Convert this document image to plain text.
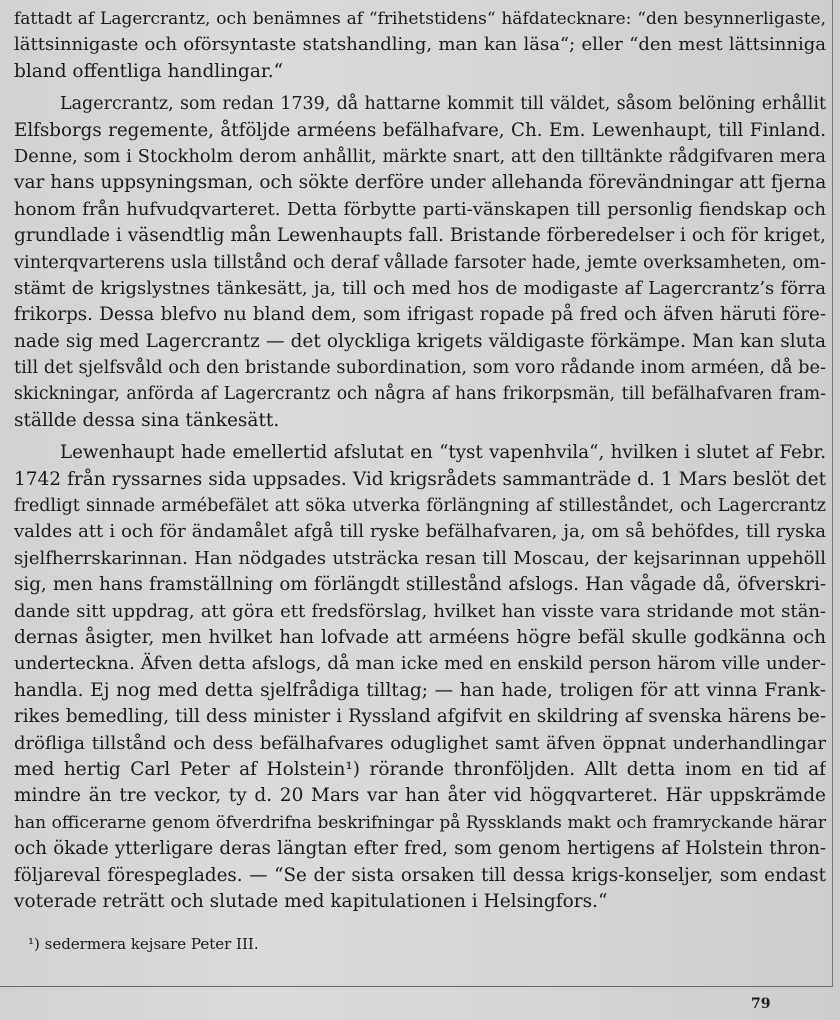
fattadt af Lagercrantz, och benämnes af “frihetstidens“ häfdatecknare: “den besynnerligaste,
lättsinnigaste och oförsyntaste statshandling, man kan läsa“; eller “den mest lättsinniga
bland offentliga handlingar.“
Lagercrantz, som redan 1739, då hattarne kommit till väldet, såsom belöning erhållit
Elfsborgs regemente, åtföljde arméens befälhafvare, Ch. Em. Lewenhaupt, till Finland.
Denne, som i Stockholm derom anhållit, märkte snart, att den tilltänkte rådgifvaren mera
var hans uppsyningsman, och sökte derföre under allehanda förevändningar att fjerna
honom från hufvudqvarteret. Detta förbytte parti-vänskapen till personlig fiendskap och
grundlade i väsendtlig mån Lewenhaupts fall. Bristande förberedelser i och för kriget,
vinterqvarterens usla tillstånd och deraf vållade farsoter hade, jemte overksamheten, om-
stämt de krigslystnes tänkesätt, ja, till och med hos de modigaste af Lagercrantz’s förra
frikorps. Dessa blefvo nu bland dem, som ifrigast ropade på fred och äfven häruti före-
nade sig med Lagercrantz — det olyckliga krigets väldigaste förkämpe. Man kan sluta
till det sjelfsvåld och den bristande subordination, som voro rådande inom arméen, då be-
skickningar, anförda af Lagercrantz och några af hans frikorpsmän, till befälhafvaren fram-
ställde dessa sina tänkesätt.
Lewenhaupt hade emellertid afslutat en “tyst vapenhvila“, hvilken i slutet af Febr.
1742 från ryssarnes sida uppsades. Vid krigsrådets sammanträde d. 1 Mars beslöt det
fredligt sinnade armébefälet att söka utverka förlängning af stilleståndet, och Lagercrantz
valdes att i och för ändamålet afgå till ryske befälhafvaren, ja, om så behöfdes, till ryska
sjelfherrskarinnan. Han nödgades utsträcka resan till Moscau, der kejsarinnan uppehöll
sig, men hans framställning om förlängdt stillestånd afslogs. Han vågade då, öfverskri-
dande sitt uppdrag, att göra ett fredsförslag, hvilket han visste vara stridande mot stän-
dernas åsigter, men hvilket han lofvade att arméens högre befäl skulle godkänna och
underteckna. Äfven detta afslogs, då man icke med en enskild person härom ville under-
handla. Ej nog med detta sjelfrådiga tilltag; — han hade, troligen för att vinna Frank-
rikes bemedling, till dess minister i Ryssland afgifvit en skildring af svenska härens be-
dröfliga tillstånd och dess befälhafvares oduglighet samt äfven öppnat underhandlingar
med hertig Carl Peter af Holstein¹) rörande thronföljden. Allt detta inom en tid af
mindre än tre veckor, ty d. 20 Mars var han åter vid högqvarteret. Här uppskrämde
han officerarne genom öfverdrifna beskrifningar på Ryssklands makt och framryckande härar
och ökade ytterligare deras längtan efter fred, som genom hertigens af Holstein thron-
följareval förespeglades. — “Se der sista orsaken till dessa krigs-konseljer, som endast
voterade reträtt och slutade med kapitulationen i Helsingfors.“
¹) sedermera kejsare Peter III.
79
